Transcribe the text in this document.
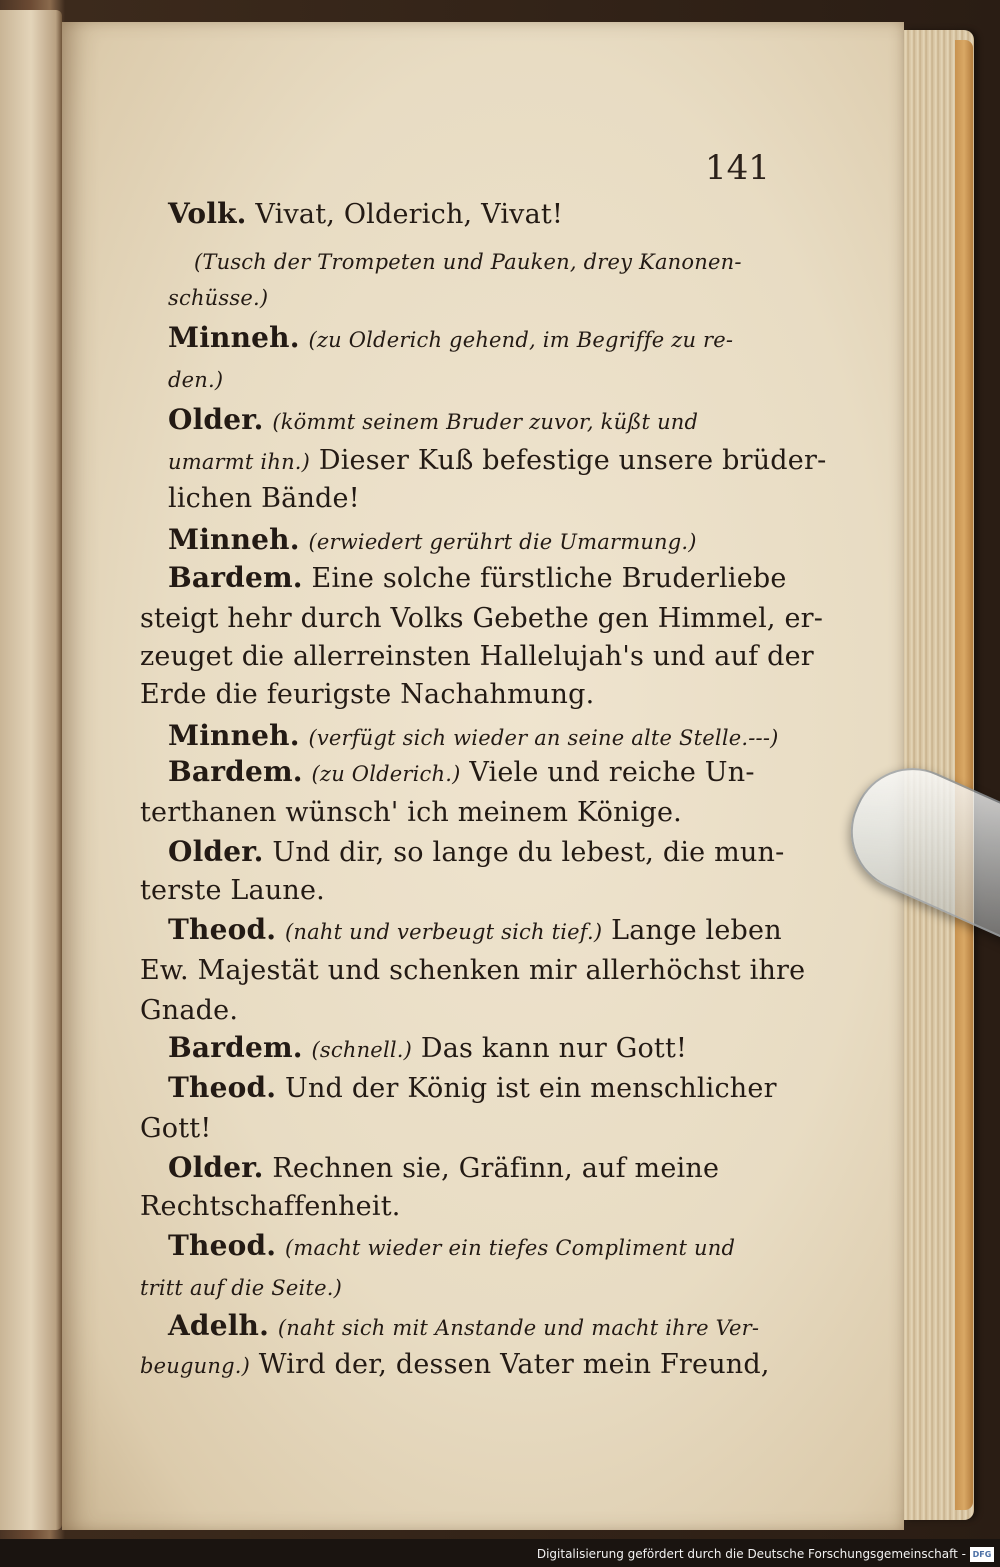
141
Volk. Vivat, Olderich, Vivat!
(Tusch der Trompeten und Pauken, drey Kanonen-
schüsse.)
Minneh. (zu Olderich gehend, im Begriffe zu re-
den.)
Older. (kömmt seinem Bruder zuvor, küßt und
umarmt ihn.) Dieser Kuß befestige unsere brüder-
lichen Bände!
Minneh. (erwiedert gerührt die Umarmung.)
Bardem. Eine solche fürstliche Bruderliebe
steigt hehr durch Volks Gebethe gen Himmel, er-
zeuget die allerreinsten Hallelujah's und auf der
Erde die feurigste Nachahmung.
Minneh. (verfügt sich wieder an seine alte Stelle.---)
Bardem. (zu Olderich.) Viele und reiche Un-
terthanen wünsch' ich meinem Könige.
Older. Und dir, so lange du lebest, die mun-
terste Laune.
Theod. (naht und verbeugt sich tief.) Lange leben
Ew. Majestät und schenken mir allerhöchst ihre
Gnade.
Bardem. (schnell.) Das kann nur Gott!
Theod. Und der König ist ein menschlicher
Gott!
Older. Rechnen sie, Gräfinn, auf meine
Rechtschaffenheit.
Theod. (macht wieder ein tiefes Compliment und
tritt auf die Seite.)
Adelh. (naht sich mit Anstande und macht ihre Ver-
beugung.) Wird der, dessen Vater mein Freund,
Digitalisierung gefördert durch die Deutsche Forschungsgemeinschaft - DFG
